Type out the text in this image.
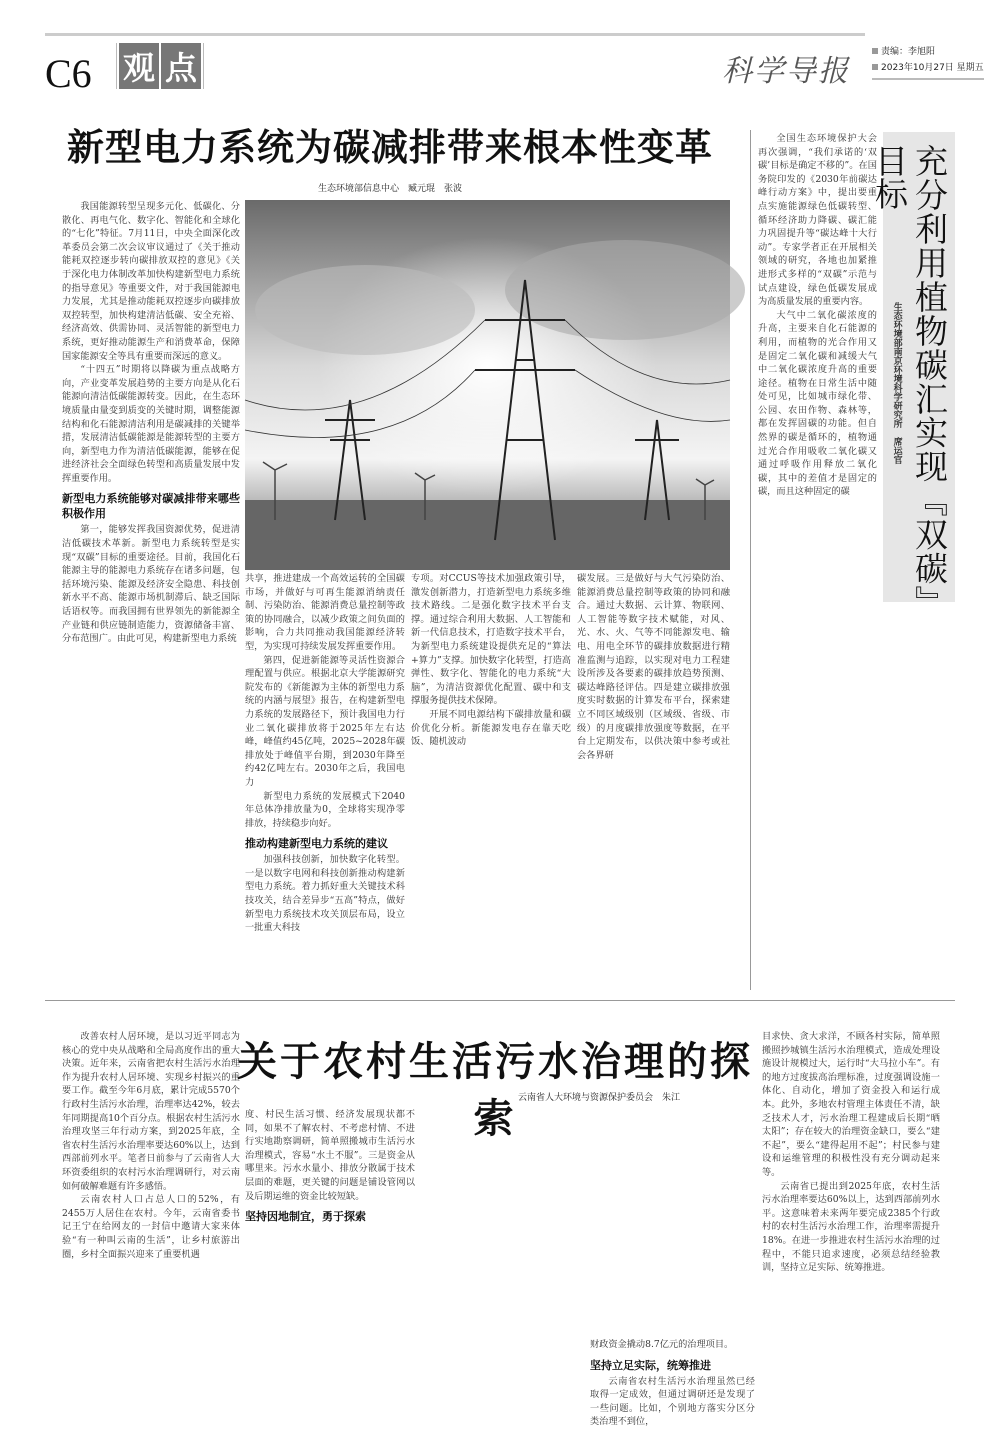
C6 观 点	科学导报
责编：李旭阳
2023年10月27日 星期五
新型电力系统为碳减排带来根本性变革
生态环境部信息中心　臧元琨　张波

我国能源转型呈现多元化、低碳化、分散化、再电气化、数字化、智能化和全球化的“七化”特征。7月11日，中央全面深化改革委员会第二次会议审议通过了《关于推动能耗双控逐步转向碳排放双控的意见》《关于深化电力体制改革加快构建新型电力系统的指导意见》等重要文件，对于我国能源电力发展，尤其是推动能耗双控逐步向碳排放双控转型，加快构建清洁低碳、安全充裕、经济高效、供需协同、灵活智能的新型电力系统，更好推动能源生产和消费革命，保障国家能源安全等具有重要而深远的意义。

“十四五”时期将以降碳为重点战略方向，产业变革发展趋势的主要方向是从化石能源向清洁低碳能源转变。因此，在生态环境质量由量变到质变的关键时期，调整能源结构和化石能源清洁利用是碳减排的关键举措，发展清洁低碳能源是能源转型的主要方向，新型电力作为清洁低碳能源，能够在促进经济社会全面绿色转型和高质量发展中发挥重要作用。

新型电力系统能够对碳减排带来哪些积极作用

第一，能够发挥我国资源优势，促进清洁低碳技术革新。新型电力系统转型是实现“双碳”目标的重要途径。目前，我国化石能源主导的能源电力系统存在诸多问题，包括环境污染、能源及经济安全隐患、科技创新水平不高、能源市场机制滞后、缺乏国际话语权等。而我国拥有世界领先的新能源全产业链和供应链制造能力，资源储备丰富、分布范围广。由此可见，构建新型电力系统

共享，推进建成一个高效运转的全国碳市场，并做好与可再生能源消纳责任制、污染防治、能源消费总量控制等政策的协同融合，以减少政策之间负面的影响，合力共同推动我国能源经济转型，为实现可持续发展发挥重要作用。

第四，促进新能源等灵活性资源合理配置与供应。根据北京大学能源研究院发布的《新能源为主体的新型电力系统的内涵与展望》报告，在构建新型电力系统的发展路径下，预计我国电力行业二氧化碳排放将于2025年左右达峰，峰值约45亿吨，2025~2028年碳排放处于峰值平台期，到2030年降至约42亿吨左右。2030年之后，我国电力

新型电力系统的发展模式下2040年总体净排放量为0，全球将实现净零排放，持续稳步向好。

推动构建新型电力系统的建议

加强科技创新，加快数字化转型。一是以数字电网和科技创新推动构建新型电力系统。着力抓好重大关键技术科技攻关，结合差异步“五高”特点，做好新型电力系统技术攻关顶层布局，设立一批重大科技

专项。对CCUS等技术加强政策引导，激发创新潜力，打造新型电力系统多维技术路线。二是强化数字技术平台支撑。通过综合利用大数据、人工智能和新一代信息技术，打造数字技术平台，为新型电力系统建设提供充足的“算法+算力”支撑。加快数字化转型，打造高弹性、数字化、智能化的电力系统“大脑”，为清洁资源优化配置、碳中和支撑服务提供技术保障。

开展不同电源结构下碳排放量和碳价优化分析。新能源发电存在靠天吃饭、随机波动

碳发展。三是做好与大气污染防治、能源消费总量控制等政策的协同和融合。通过大数据、云计算、物联网、人工智能等数字技术赋能，对风、光、水、火、气等不同能源发电、输电、用电全环节的碳排放数据进行精准监测与追踪，以实现对电力工程建设所涉及各要素的碳排放趋势预测、碳达峰路径评估。四是建立碳排放强度实时数据的计算发布平台，探索建立不同区域级别（区域级、省级、市级）的月度碳排放强度等数据，在平台上定期发布，以供决策中参考或社会各界研

充分利用植物碳汇实现『双碳』目标
生态环境部南京环境科学研究所　席运官

全国生态环境保护大会再次强调，“我们承诺的‘双碳’目标是确定不移的”。在国务院印发的《2030年前碳达峰行动方案》中，提出要重点实施能源绿色低碳转型、循环经济助力降碳、碳汇能力巩固提升等“碳达峰十大行动”。专家学者正在开展相关领域的研究，各地也加紧推进形式多样的“双碳”示范与试点建设，绿色低碳发展成为高质量发展的重要内容。

大气中二氧化碳浓度的升高，主要来自化石能源的利用，而植物的光合作用又是固定二氧化碳和减缓大气中二氧化碳浓度升高的重要途径。植物在日常生活中随处可见，比如城市绿化带、公园、农田作物、森林等，都在发挥固碳的功能。但自然界的碳是循环的，植物通过光合作用吸收二氧化碳又通过呼吸作用释放二氧化碳，其中的差值才是固定的碳，而且这种固定的碳

关于农村生活污水治理的探索 云南省人大环境与资源保护委员会　朱江

改善农村人居环境，是以习近平同志为核心的党中央从战略和全局高度作出的重大决策。近年来，云南省把农村生活污水治理作为提升农村人居环境、实现乡村振兴的重要工作。截至今年6月底，累计完成5570个行政村生活污水治理，治理率达42%，较去年同期提高10个百分点。根据农村生活污水治理攻坚三年行动方案，到2025年底，全省农村生活污水治理率要达60%以上，达到西部前列水平。笔者日前参与了云南省人大环资委组织的农村污水治理调研行，对云南如何破解难题有许多感悟。

云南农村人口占总人口的52%，有2455万人居住在农村。今年，云南省委书记王宁在给网友的一封信中邀请大家来体验“有一种叫云南的生活”，让乡村旅游出圈，乡村全面振兴迎来了重要机遇

度、村民生活习惯、经济发展现状都不同，如果不了解农村、不考虑村情、不进行实地勘察调研，简单照搬城市生活污水治理模式，容易“水土不服”。三是资金从哪里来。污水水量小、排放分散属于技术层面的难题，更关键的问题是铺设管网以及后期运维的资金比较短缺。

坚持因地制宜，勇于探索

财政资金撬动8.7亿元的治理项目。

坚持立足实际，统筹推进

云南省农村生活污水治理虽然已经取得一定成效，但通过调研还是发现了一些问题。比如，个别地方落实分区分类治理不到位，

目求快、贪大求洋，不顾各村实际，简单照搬照抄城镇生活污水治理模式，造成处理设施设计规模过大，运行时“大马拉小车”。有的地方过度拔高治理标准，过度强调设施一体化、自动化，增加了资金投入和运行成本。此外，多地农村管理主体责任不清，缺乏技术人才，污水治理工程建成后长期“晒太阳”；存在较大的治理资金缺口，要么“建不起”，要么“建得起用不起”；村民参与建设和运维管理的积极性没有充分调动起来等。

云南省已提出到2025年底，农村生活污水治理率要达60%以上，达到西部前列水平。这意味着未来两年要完成2385个行政村的农村生活污水治理工作，治理率需提升18%。在进一步推进农村生活污水治理的过程中，不能只追求速度，必须总结经验教训，坚持立足实际、统筹推进。
